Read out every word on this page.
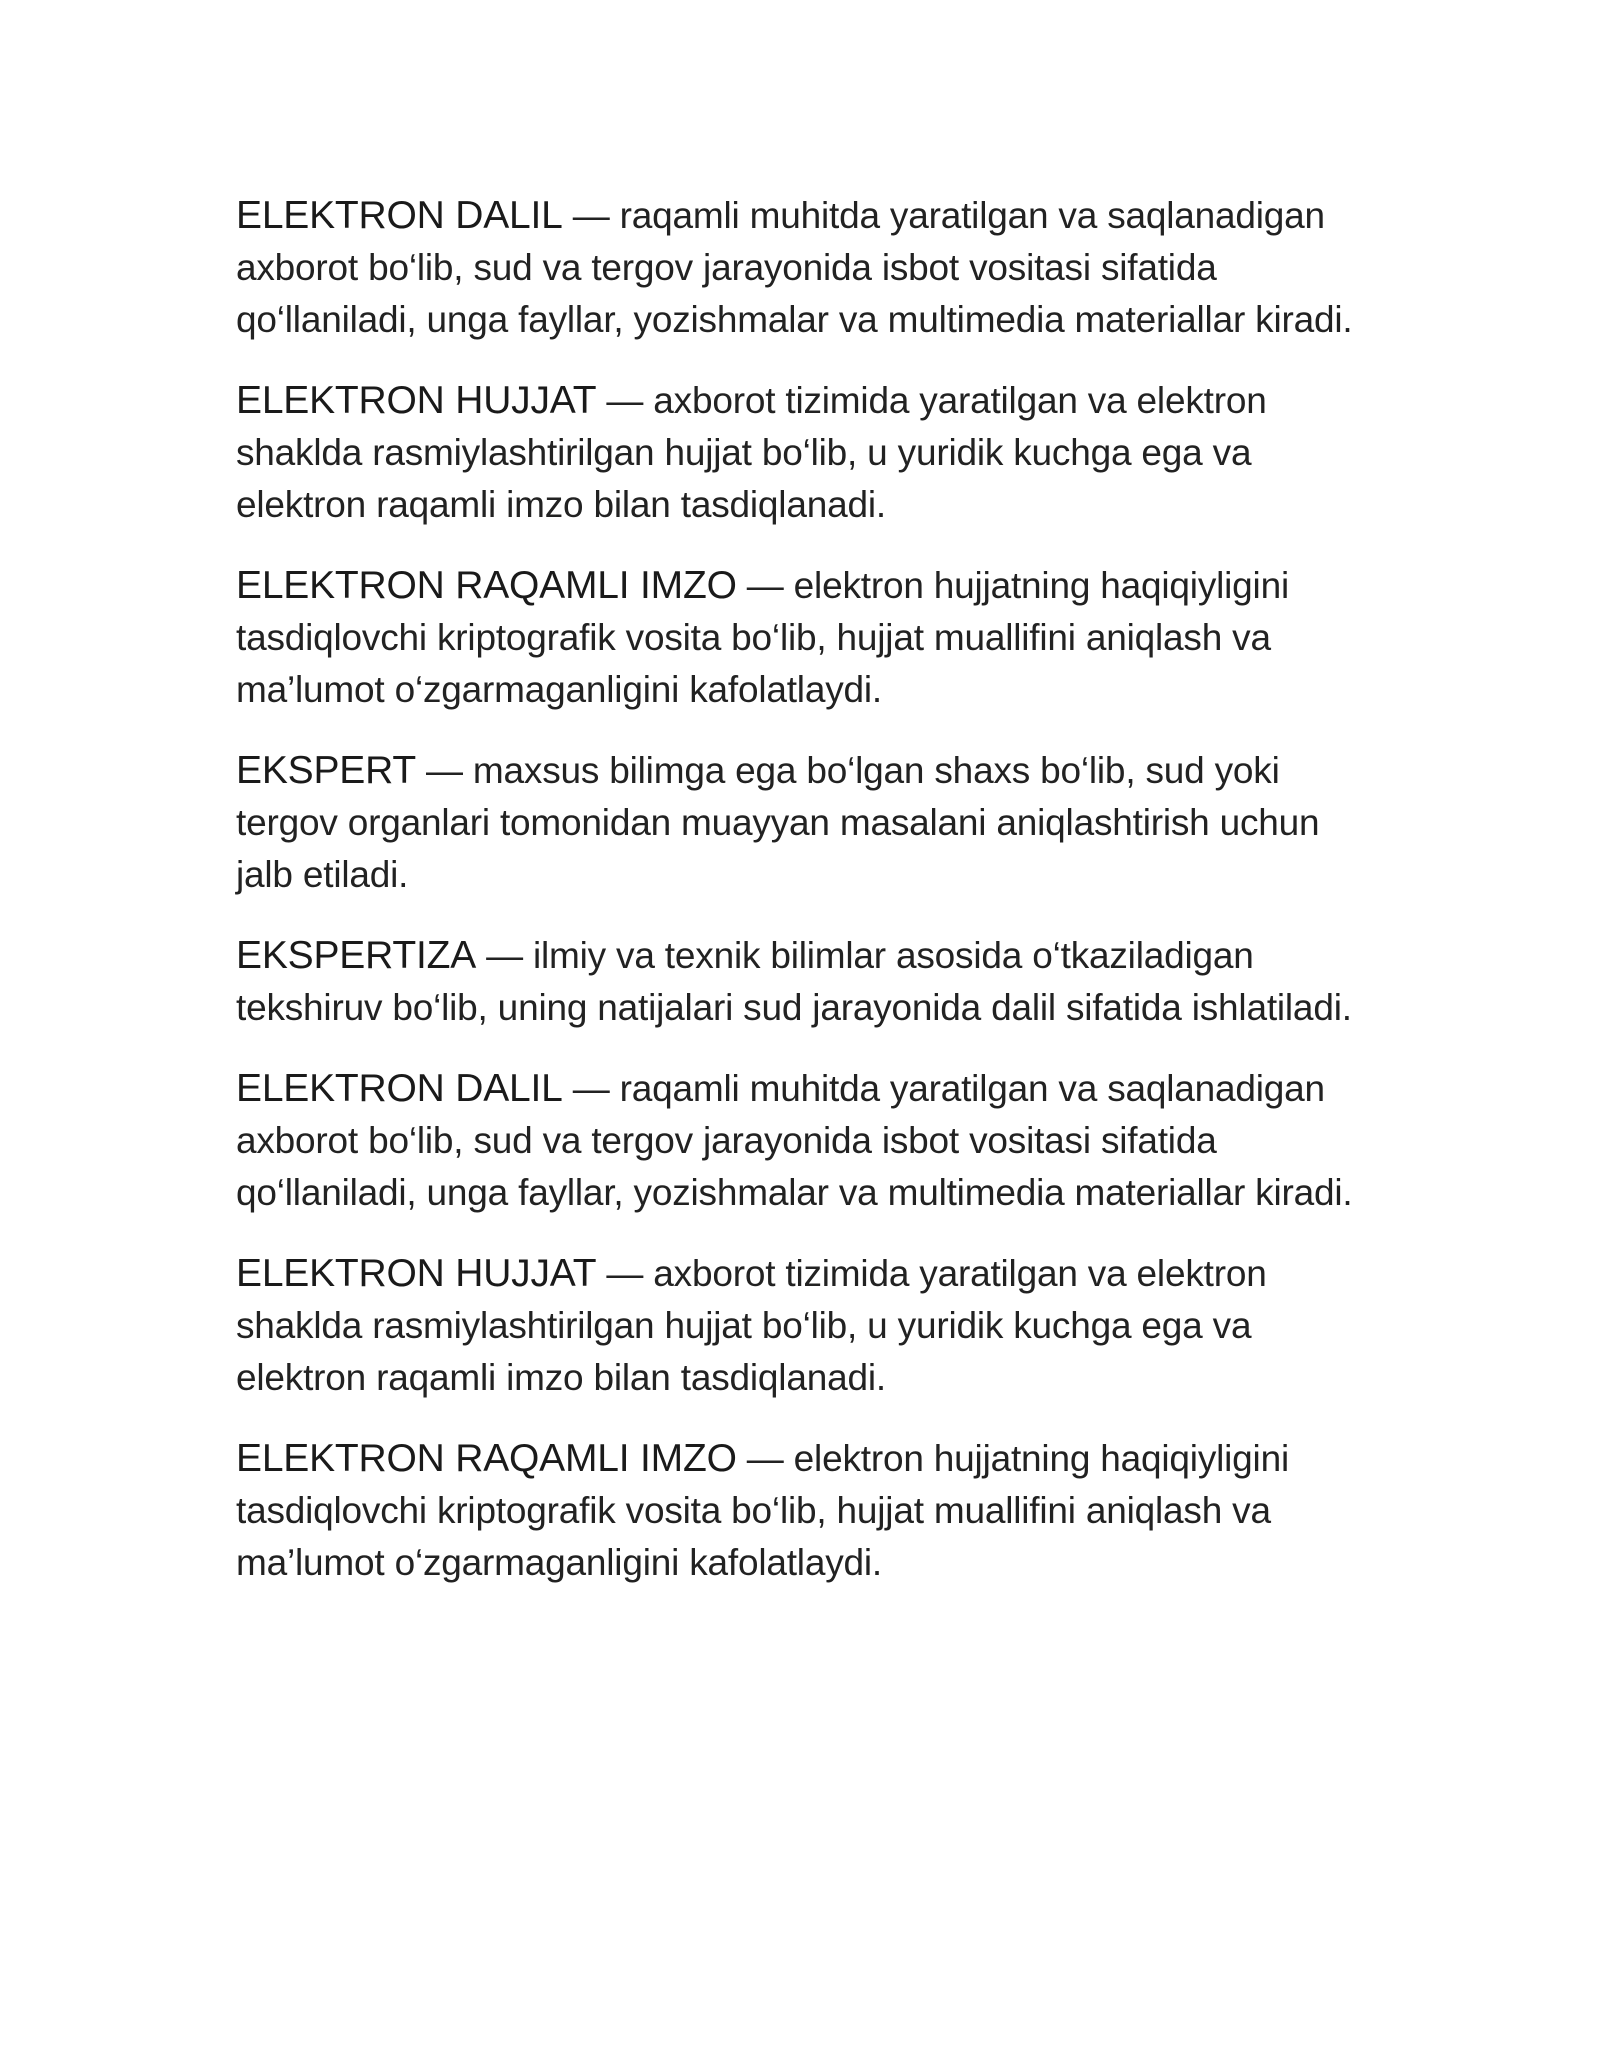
ELEKTRON DALIL — raqamli muhitda yaratilgan va saqlanadigan axborot bo‘lib, sud va tergov jarayonida isbot vositasi sifatida qo‘llaniladi, unga fayllar, yozishmalar va multimedia materiallar kiradi.

ELEKTRON HUJJAT — axborot tizimida yaratilgan va elektron shaklda rasmiylashtirilgan hujjat bo‘lib, u yuridik kuchga ega va elektron raqamli imzo bilan tasdiqlanadi.

ELEKTRON RAQAMLI IMZO — elektron hujjatning haqiqiyligini tasdiqlovchi kriptografik vosita bo‘lib, hujjat muallifini aniqlash va ma’lumot o‘zgarmaganligini kafolatlaydi.

EKSPERT — maxsus bilimga ega bo‘lgan shaxs bo‘lib, sud yoki tergov organlari tomonidan muayyan masalani aniqlashtirish uchun jalb etiladi.

EKSPERTIZA — ilmiy va texnik bilimlar asosida o‘tkaziladigan tekshiruv bo‘lib, uning natijalari sud jarayonida dalil sifatida ishlatiladi.

ELEKTRON DALIL — raqamli muhitda yaratilgan va saqlanadigan axborot bo‘lib, sud va tergov jarayonida isbot vositasi sifatida qo‘llaniladi, unga fayllar, yozishmalar va multimedia materiallar kiradi.

ELEKTRON HUJJAT — axborot tizimida yaratilgan va elektron shaklda rasmiylashtirilgan hujjat bo‘lib, u yuridik kuchga ega va elektron raqamli imzo bilan tasdiqlanadi.

ELEKTRON RAQAMLI IMZO — elektron hujjatning haqiqiyligini tasdiqlovchi kriptografik vosita bo‘lib, hujjat muallifini aniqlash va ma’lumot o‘zgarmaganligini kafolatlaydi.
